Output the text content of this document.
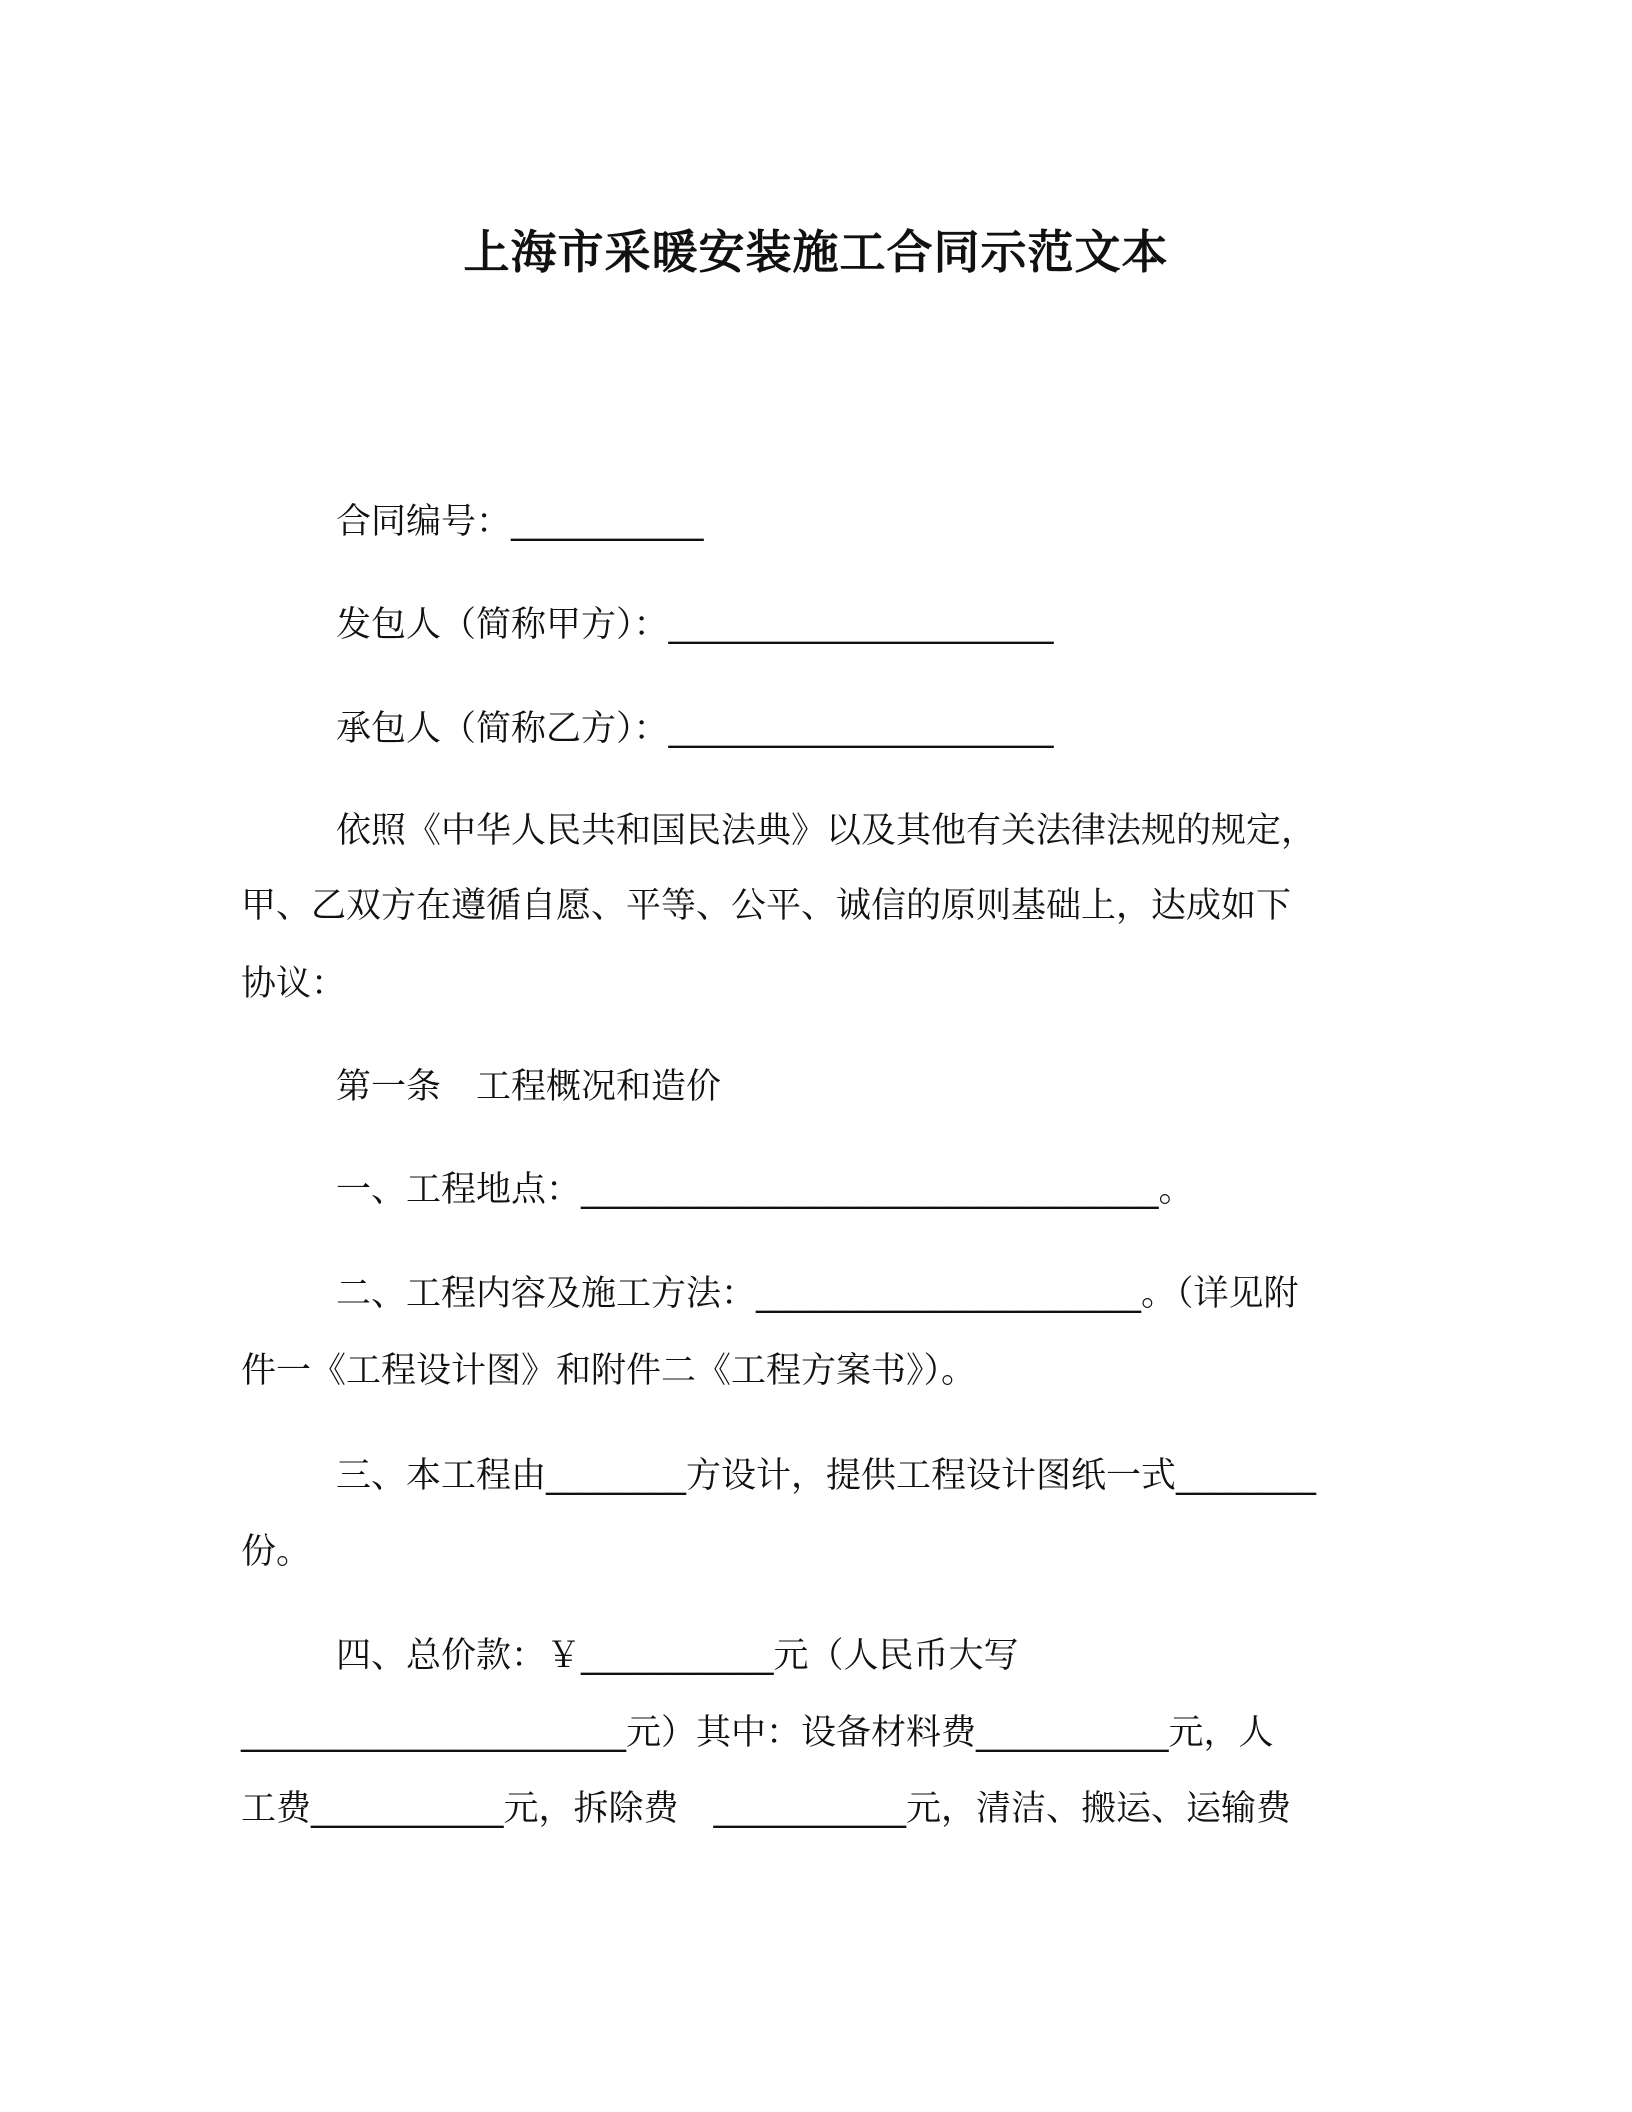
上海市采暖安装施工合同示范文本
合同编号：___________
发包人（简称甲方）：______________________
承包人（简称乙方）：______________________
依照《中华人民共和国民法典》以及其他有关法律法规的规定，
甲、乙双方在遵循自愿、平等、公平、诚信的原则基础上，达成如下
协议：
第一条　工程概况和造价
一、工程地点：_________________________________。
二、工程内容及施工方法：______________________。（详见附
件一《工程设计图》和附件二《工程方案书》）。
三、本工程由________方设计，提供工程设计图纸一式________
份。
四、总价款：￥___________元（人民币大写
______________________元）其中：设备材料费___________元，人
工费___________元，拆除费　___________元，清洁、搬运、运输费
